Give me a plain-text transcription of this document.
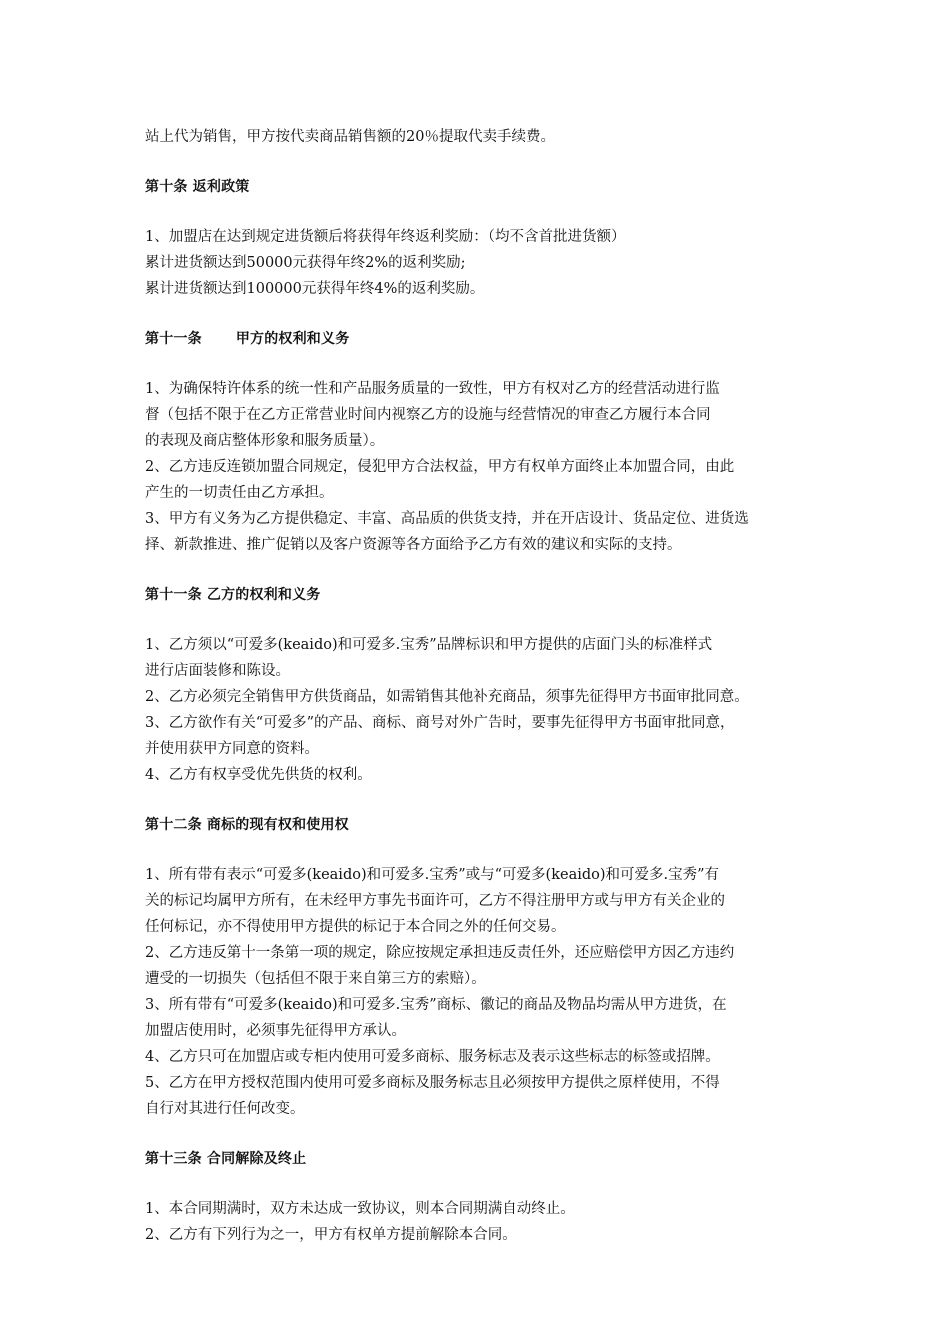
站上代为销售，甲方按代卖商品销售额的20％提取代卖手续费。
第十条 返利政策
1、加盟店在达到规定进货额后将获得年终返利奖励：（均不含首批进货额）
累计进货额达到50000元获得年终2%的返利奖励;
累计进货额达到100000元获得年终4%的返利奖励。
第十一条 甲方的权利和义务
1、为确保特许体系的统一性和产品服务质量的一致性，甲方有权对乙方的经营活动进行监
督（包括不限于在乙方正常营业时间内视察乙方的设施与经营情况的审查乙方履行本合同
的表现及商店整体形象和服务质量）。
2、乙方违反连锁加盟合同规定，侵犯甲方合法权益，甲方有权单方面终止本加盟合同，由此
产生的一切责任由乙方承担。
3、甲方有义务为乙方提供稳定、丰富、高品质的供货支持，并在开店设计、货品定位、进货选
择、新款推进、推广促销以及客户资源等各方面给予乙方有效的建议和实际的支持。
第十一条 乙方的权利和义务
1、乙方须以“可爱多(keaido)和可爱多.宝秀”品牌标识和甲方提供的店面门头的标准样式
进行店面装修和陈设。
2、乙方必须完全销售甲方供货商品，如需销售其他补充商品，须事先征得甲方书面审批同意。
3、乙方欲作有关“可爱多”的产品、商标、商号对外广告时，要事先征得甲方书面审批同意，
并使用获甲方同意的资料。
4、乙方有权享受优先供货的权利。
第十二条 商标的现有权和使用权
1、所有带有表示“可爱多(keaido)和可爱多.宝秀”或与“可爱多(keaido)和可爱多.宝秀”有
关的标记均属甲方所有，在未经甲方事先书面许可，乙方不得注册甲方或与甲方有关企业的
任何标记，亦不得使用甲方提供的标记于本合同之外的任何交易。
2、乙方违反第十一条第一项的规定，除应按规定承担违反责任外，还应赔偿甲方因乙方违约
遭受的一切损失（包括但不限于来自第三方的索赔）。
3、所有带有“可爱多(keaido)和可爱多.宝秀”商标、徽记的商品及物品均需从甲方进货，在
加盟店使用时，必须事先征得甲方承认。
4、乙方只可在加盟店或专柜内使用可爱多商标、服务标志及表示这些标志的标签或招牌。
5、乙方在甲方授权范围内使用可爱多商标及服务标志且必须按甲方提供之原样使用，不得
自行对其进行任何改变。
第十三条 合同解除及终止
1、本合同期满时，双方未达成一致协议，则本合同期满自动终止。
2、乙方有下列行为之一，甲方有权单方提前解除本合同。
